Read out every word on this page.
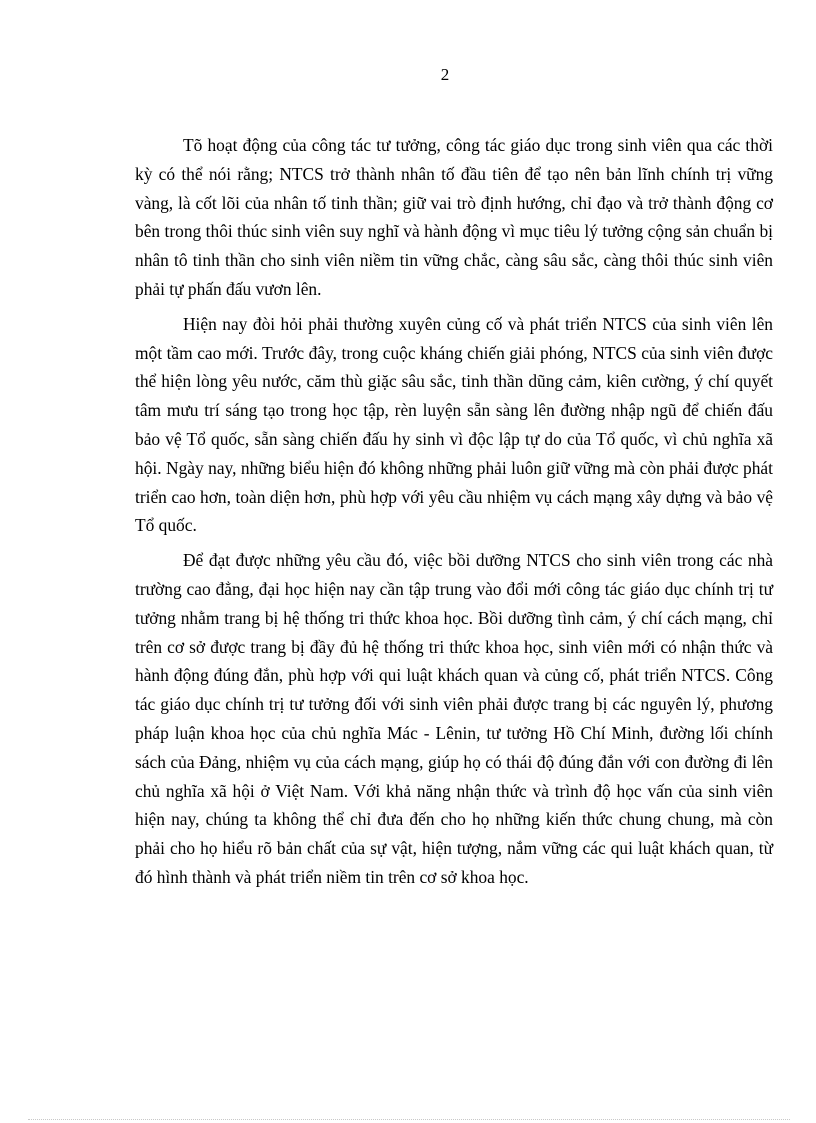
2

Tõ hoạt động của công tác tư tưởng, công tác giáo dục trong sinh viên qua các thời kỳ có thể nói rằng; NTCS trở thành nhân tố đầu tiên để tạo nên bản lĩnh chính trị vững vàng, là cốt lõi của nhân tố tinh thần; giữ vai trò định hướng, chỉ đạo và trở thành động cơ bên trong thôi thúc sinh viên suy nghĩ và hành động vì mục tiêu lý tưởng cộng sản chuẩn bị nhân tô tinh thần cho sinh viên niềm tin vững chắc, càng sâu sắc, càng thôi thúc sinh viên phải tự phấn đấu vươn lên.

Hiện nay đòi hỏi phải thường xuyên củng cố và phát triển NTCS của sinh viên lên một tầm cao mới. Trước đây, trong cuộc kháng chiến giải phóng, NTCS của sinh viên được thể hiện lòng yêu nước, căm thù giặc sâu sắc, tinh thần dũng cảm, kiên cường, ý chí quyết tâm mưu trí sáng tạo trong học tập, rèn luyện sẵn sàng lên đường nhập ngũ để chiến đấu bảo vệ Tổ quốc, sẵn sàng chiến đấu hy sinh vì độc lập tự do của Tổ quốc, vì chủ nghĩa xã hội. Ngày nay, những biểu hiện đó không những phải luôn giữ vững mà còn phải được phát triển cao hơn, toàn diện hơn, phù hợp với yêu cầu nhiệm vụ cách mạng xây dựng và bảo vệ Tổ quốc.

Để đạt được những yêu cầu đó, việc bồi dưỡng NTCS cho sinh viên trong các nhà trường cao đẳng, đại học hiện nay cần tập trung vào đổi mới công tác giáo dục chính trị tư tưởng nhằm trang bị hệ thống tri thức khoa học. Bồi dưỡng tình cảm, ý chí cách mạng, chỉ trên cơ sở được trang bị đầy đủ hệ thống tri thức khoa học, sinh viên mới có nhận thức và hành động đúng đắn, phù hợp với qui luật khách quan và củng cố, phát triển NTCS. Công tác giáo dục chính trị tư tưởng đối với sinh viên phải được trang bị các nguyên lý, phương pháp luận khoa học của chủ nghĩa Mác - Lênin, tư tưởng Hồ Chí Minh, đường lối chính sách của Đảng, nhiệm vụ của cách mạng, giúp họ có thái độ đúng đắn với con đường đi lên chủ nghĩa xã hội ở Việt Nam. Với khả năng nhận thức và trình độ học vấn của sinh viên hiện nay, chúng ta không thể chỉ đưa đến cho họ những kiến thức chung chung, mà còn phải cho họ hiểu rõ bản chất của sự vật, hiện tượng, nắm vững các qui luật khách quan, từ đó hình thành và phát triển niềm tin trên cơ sở khoa học.
